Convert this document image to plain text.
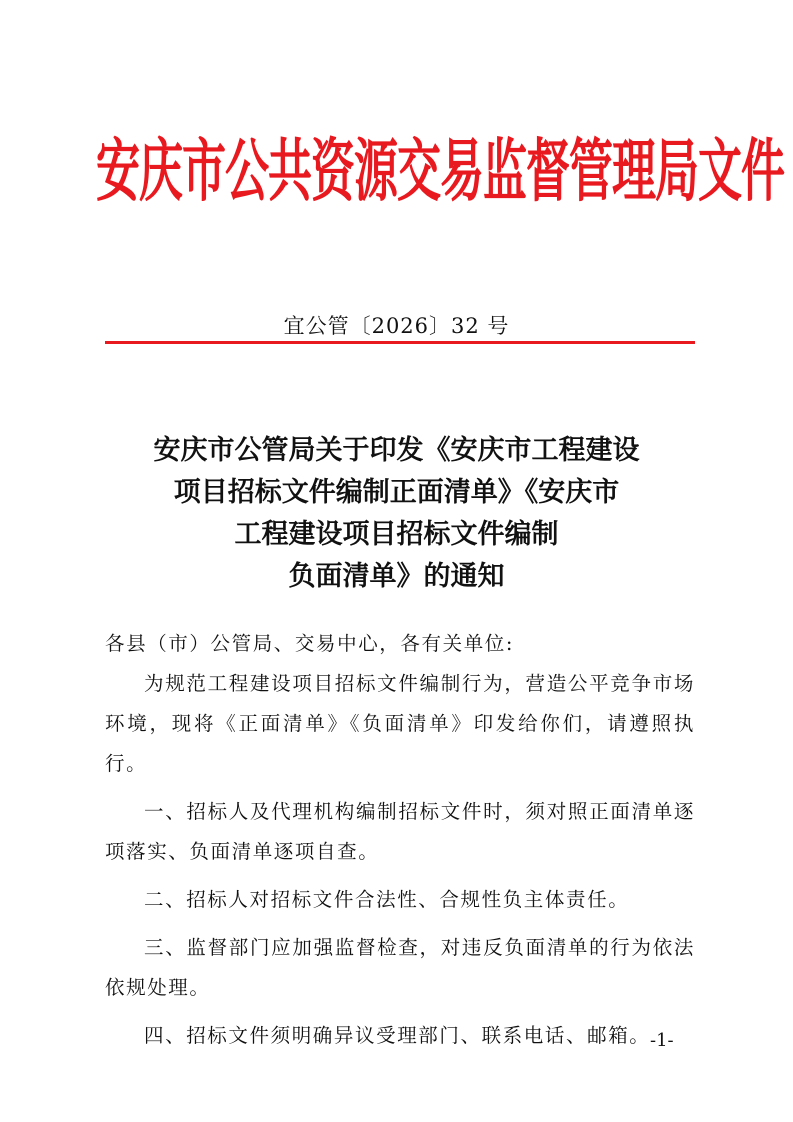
安庆市公共资源交易监督管理局文件
宜公管〔2026〕32 号
安庆市公管局关于印发《安庆市工程建设
项目招标文件编制正面清单》《安庆市
工程建设项目招标文件编制
负面清单》的通知

各县（市）公管局、交易中心，各有关单位:

为规范工程建设项目招标文件编制行为，营造公平竞争市场环境，现将《正面清单》《负面清单》印发给你们，请遵照执行。

一、招标人及代理机构编制招标文件时，须对照正面清单逐项落实、负面清单逐项自查。

二、招标人对招标文件合法性、合规性负主体责任。

三、监督部门应加强监督检查，对违反负面清单的行为依法依规处理。

四、招标文件须明确异议受理部门、联系电话、邮箱。 -1-
